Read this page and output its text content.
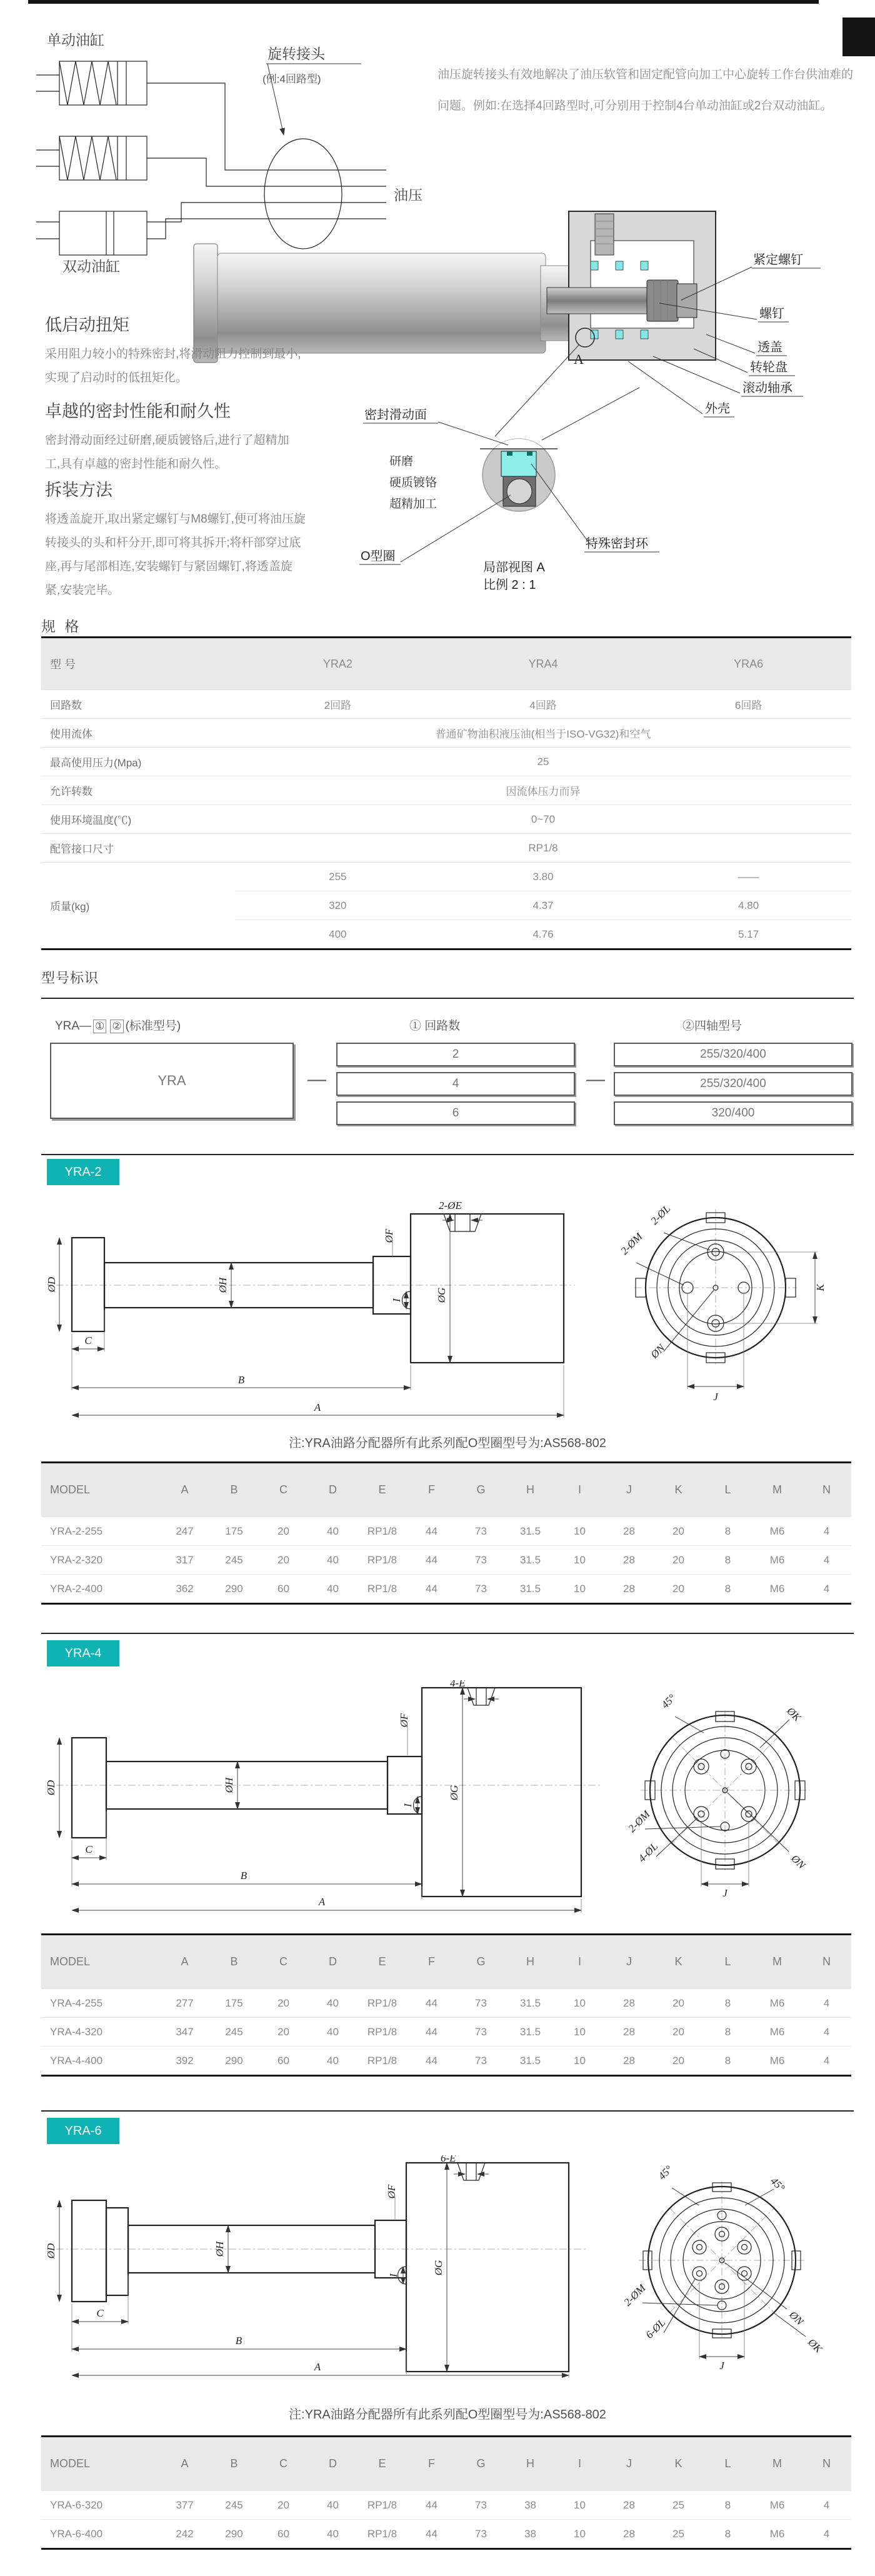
油压旋转接头有效地解决了油压软管和固定配管向加工中心旋转工作台供油难的
问题。例如:在选择4回路型时,可分别用于控制4台单动油缸或2台双动油缸。
单动油缸
双动油缸
旋转接头
(例:4回路型)
油压
A
紧定螺钉
螺钉
透盖
转轮盘
滚动轴承
外壳
低启动扭矩
采用阻力较小的特殊密封,将滑动阻力控制到最小,
实现了启动时的低扭矩化。
卓越的密封性能和耐久性
密封滑动面经过研磨,硬质镀铬后,进行了超精加
工,具有卓越的密封性能和耐久性。
拆装方法
将透盖旋开,取出紧定螺钉与M8螺钉,便可将油压旋
转接头的头和杆分开,即可将其拆开;将杆部穿过底
座,再与尾部相连,安装螺钉与紧固螺钉,将透盖旋
紧,安装完毕。
密封滑动面
研磨
硬质镀铬
超精加工
O型圈
特殊密封环
局部视图 A
比例 2 : 1
规 格
型 号	YRA2	YRA4	YRA6
回路数	2回路	4回路	6回路
使用流体	普通矿物油积液压油(相当于ISO-VG32)和空气
最高使用压力(Mpa)	25
允许转数	因流体压力而异
使用环境温度(℃)	0~70
配管接口尺寸	RP1/8
质量(kg)
255	3.80	——
320	4.37	4.80
400	4.76	5.17
型号标识
YRA— ① ② (标准型号)	① 回路数	②四轴型号
YRA	—
2
4
6
—
255/320/400
255/320/400
320/400
YRA-2
ØD	ØH
C
B
A
ØF
2-ØE
I	ØG
2-ØL
2-ØM
ØN
K
J
注:YRA油路分配器所有此系列配O型圈型号为:AS568-802
MODEL	A	B	C	D	E	F	G	H	I	J	K	L	M	N
YRA-2-255	247	175	20	40	RP1/8	44	73	31.5	10	28	20	8	M6	4
YRA-2-320	317	245	20	40	RP1/8	44	73	31.5	10	28	20	8	M6	4
YRA-2-400	362	290	60	40	RP1/8	44	73	31.5	10	28	20	8	M6	4
YRA-4
ØD	ØH
C
B
A
ØF
4-E
I
ØG
45°
ØK
2-ØM
4-ØL	ØN
J
MODEL	A	B	C	D	E	F	G	H	I	J	K	L	M	N
YRA-4-255	277	175	20	40	RP1/8	44	73	31.5	10	28	20	8	M6	4
YRA-4-320	347	245	20	40	RP1/8	44	73	31.5	10	28	20	8	M6	4
YRA-4-400	392	290	60	40	RP1/8	44	73	31.5	10	28	20	8	M6	4
YRA-6
ØD	ØH
C
B
A
ØF
6-E
I	ØG
45°
45°
2-ØM
6-ØL	ØN
ØK
J
注:YRA油路分配器所有此系列配O型圈型号为:AS568-802
MODEL	A	B	C	D	E	F	G	H	I	J	K	L	M	N
YRA-6-320	377	245	20	40	RP1/8	44	73	38	10	28	25	8	M6	4
YRA-6-400	242	290	60	40	RP1/8	44	73	38	10	28	25	8	M6	4
